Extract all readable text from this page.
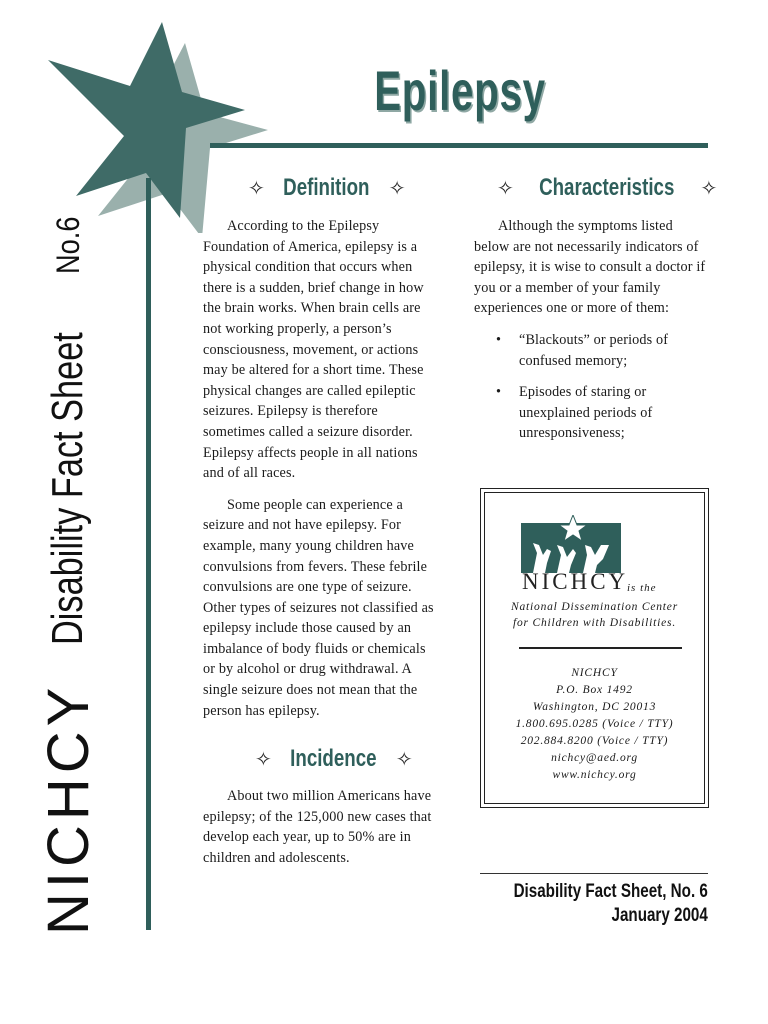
NICHCY
Disability Fact Sheet
No.6
Epilepsy
✧ Definition ✧

According to the Epilepsy Foundation of America, epilepsy is a physical condition that occurs when there is a sudden, brief change in how the brain works. When brain cells are not working properly, a person’s consciousness, movement, or actions may be altered for a short time. These physical changes are called epileptic seizures. Epilepsy is therefore sometimes called a seizure disorder. Epilepsy affects people in all nations and of all races.

Some people can experience a seizure and not have epilepsy. For example, many young children have convulsions from fevers. These febrile convulsions are one type of seizure. Other types of seizures not classified as epilepsy include those caused by an imbalance of body fluids or chemicals or by alcohol or drug withdrawal. A single seizure does not mean that the person has epilepsy.

✧ Incidence ✧

About two million Americans have epilepsy; of the 125,000 new cases that develop each year, up to 50% are in children and adolescents.

✧ Characteristics ✧

Although the symptoms listed below are not necessarily indicators of epilepsy, it is wise to consult a doctor if you or a member of your family experiences one or more of them:

• “Blackouts” or periods of confused memory;
• Episodes of staring or unexplained periods of unresponsiveness;
NICHCY
is the
National Dissemination Center
for Children with Disabilities.
NICHCY
P.O. Box 1492
Washington, DC 20013
1.800.695.0285 (Voice / TTY)
202.884.8200 (Voice / TTY)
nichcy@aed.org
www.nichcy.org
Disability Fact Sheet, No. 6
January 2004
